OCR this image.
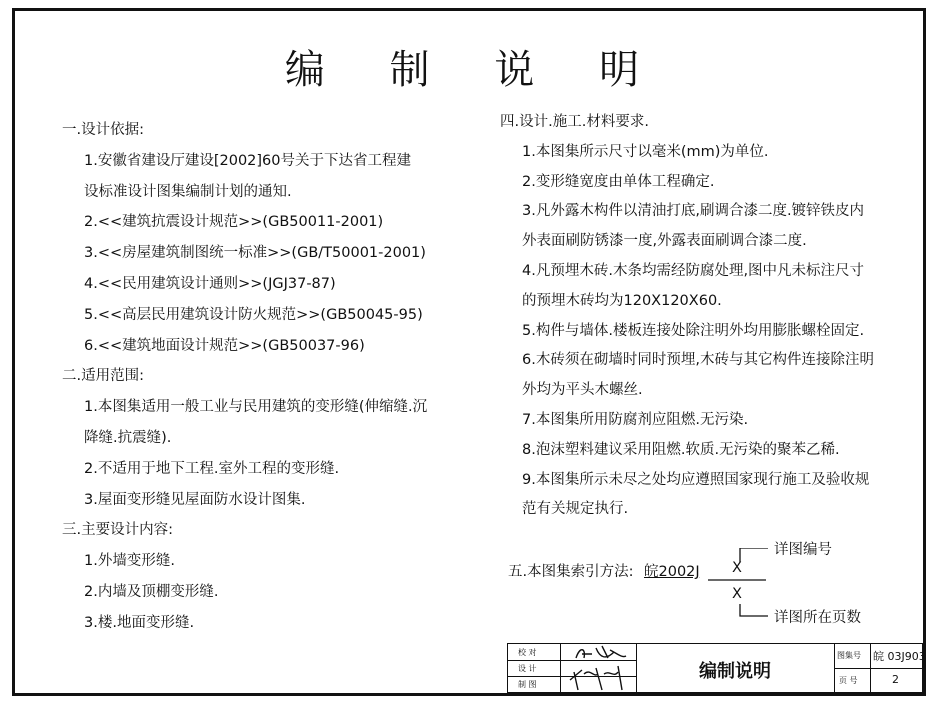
编 制 说 明
一.设计依据:
1.安徽省建设厅建设[2002]60号关于下达省工程建
设标准设计图集编制计划的通知.
2.<<建筑抗震设计规范>>(GB50011-2001)
3.<<房屋建筑制图统一标准>>(GB/T50001-2001)
4.<<民用建筑设计通则>>(JGJ37-87)
5.<<高层民用建筑设计防火规范>>(GB50045-95)
6.<<建筑地面设计规范>>(GB50037-96)
二.适用范围:
1.本图集适用一般工业与民用建筑的变形缝(伸缩缝.沉
降缝.抗震缝).
2.不适用于地下工程.室外工程的变形缝.
3.屋面变形缝见屋面防水设计图集.
三.主要设计内容:
1.外墙变形缝.
2.内墙及顶棚变形缝.
3.楼.地面变形缝.
四.设计.施工.材料要求.
1.本图集所示尺寸以毫米(mm)为单位.
2.变形缝宽度由单体工程确定.
3.凡外露木构件以清油打底,刷调合漆二度.镀锌铁皮内
外表面刷防锈漆一度,外露表面刷调合漆二度.
4.凡预埋木砖.木条均需经防腐处理,图中凡未标注尺寸
的预埋木砖均为120X120X60.
5.构件与墙体.楼板连接处除注明外均用膨胀螺栓固定.
6.木砖须在砌墙时同时预埋,木砖与其它构件连接除注明
外均为平头木螺丝.
7.本图集所用防腐剂应阻燃.无污染.
8.泡沫塑料建议采用阻燃.软质.无污染的聚苯乙稀.
9.本图集所示未尽之处均应遵照国家现行施工及验收规
范有关规定执行.
五.本图集索引方法: 皖2002J X
X
详图编号
详图所在页数
校 对
设 计
制 图
编制说明
图集号 皖 03J903
页 号	2
